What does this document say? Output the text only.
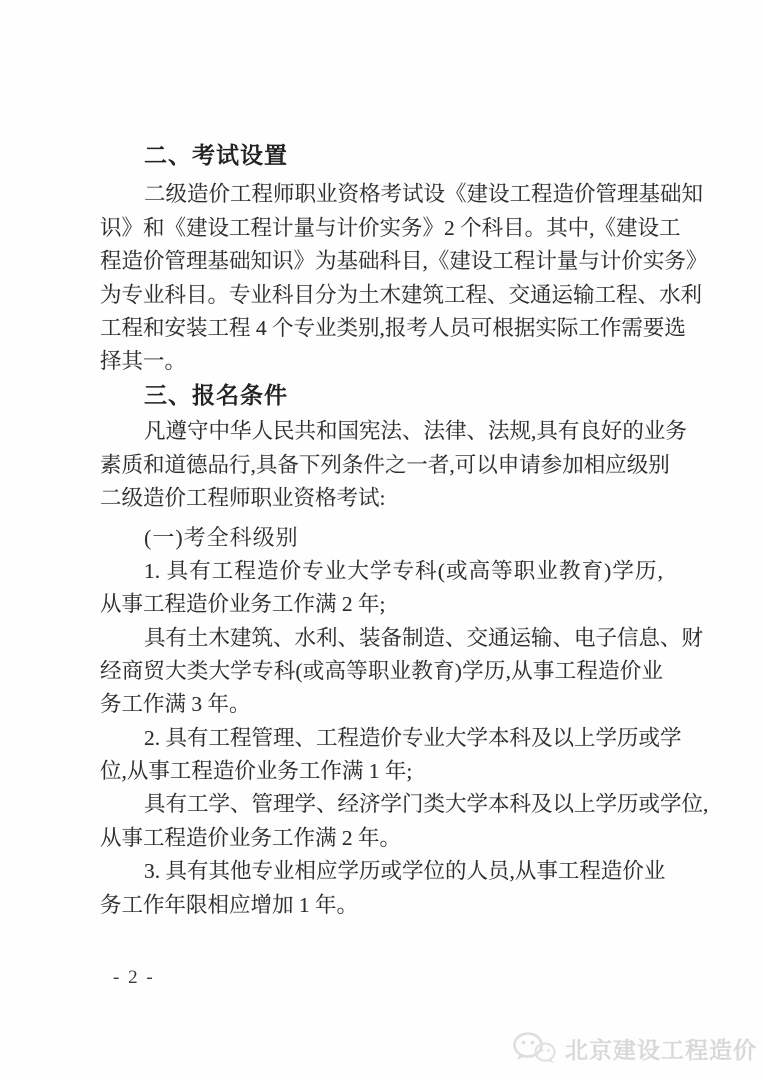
二、考试设置
二级造价工程师职业资格考试设《建设工程造价管理基础知
识》和《建设工程计量与计价实务》2 个科目。其中,《建设工
程造价管理基础知识》为基础科目,《建设工程计量与计价实务》
为专业科目。专业科目分为土木建筑工程、交通运输工程、水利
工程和安装工程 4 个专业类别,报考人员可根据实际工作需要选
择其一。
三、报名条件
凡遵守中华人民共和国宪法、法律、法规,具有良好的业务
素质和道德品行,具备下列条件之一者,可以申请参加相应级别
二级造价工程师职业资格考试:
(一)考全科级别
1. 具有工程造价专业大学专科(或高等职业教育)学历,
从事工程造价业务工作满 2 年;
具有土木建筑、水利、装备制造、交通运输、电子信息、财
经商贸大类大学专科(或高等职业教育)学历,从事工程造价业
务工作满 3 年。
2. 具有工程管理、工程造价专业大学本科及以上学历或学
位,从事工程造价业务工作满 1 年;
具有工学、管理学、经济学门类大学本科及以上学历或学位,
从事工程造价业务工作满 2 年。
3. 具有其他专业相应学历或学位的人员,从事工程造价业
务工作年限相应增加 1 年。
- 2 -
北京建设工程造价
